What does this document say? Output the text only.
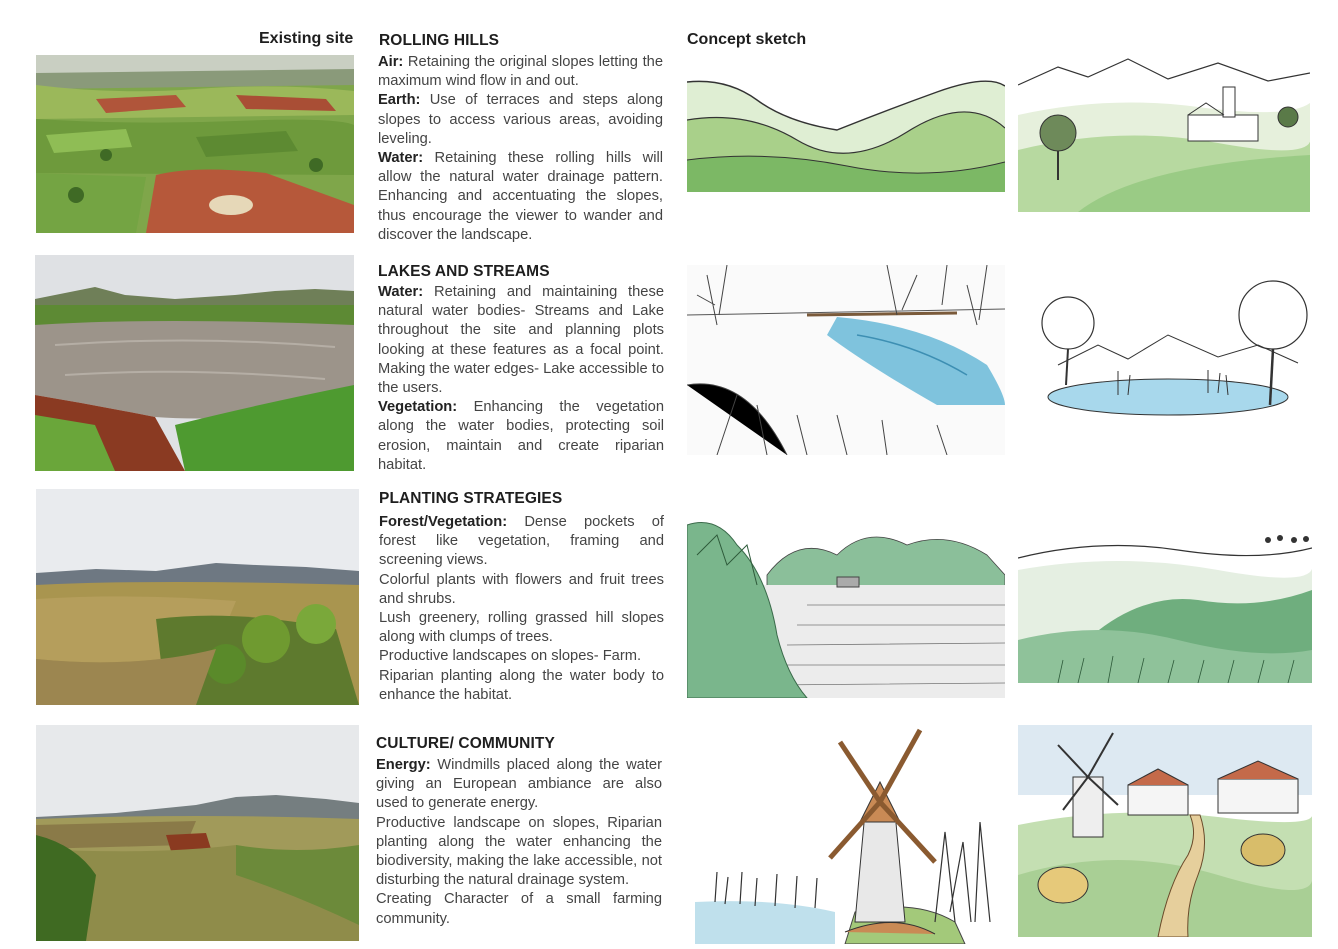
Existing site	Concept sketch
ROLLING HILLS

Air: Retaining the original slopes letting the maximum wind flow in and out.

Earth: Use of terraces and steps along slopes to access various areas, avoiding leveling.

Water: Retaining these rolling hills will allow the natural water drainage pattern. Enhancing and accentuating the slopes, thus encourage the viewer to wander and discover the landscape.

LAKES AND STREAMS

Water: Retaining and maintaining these natural water bodies- Streams and Lake throughout the site and planning plots looking at these features as a focal point. Making the water edges- Lake accessible to the users.

Vegetation: Enhancing the vegetation along the water bodies, protecting soil erosion, maintain and create riparian habitat.

PLANTING STRATEGIES

Forest/Vegetation: Dense pockets of forest like vegetation, framing and screening views.

Colorful plants with flowers and fruit trees and shrubs.

Lush greenery, rolling grassed hill slopes along with clumps of trees.

Productive landscapes on slopes- Farm.

Riparian planting along the water body to enhance the habitat.

CULTURE/ COMMUNITY

Energy: Windmills placed along the water giving an European ambiance are also used to generate energy.

Productive landscape on slopes, Riparian planting along the water enhancing the biodiversity, making the lake accessible, not disturbing the natural drainage system.

Creating Character of a small farming community.
